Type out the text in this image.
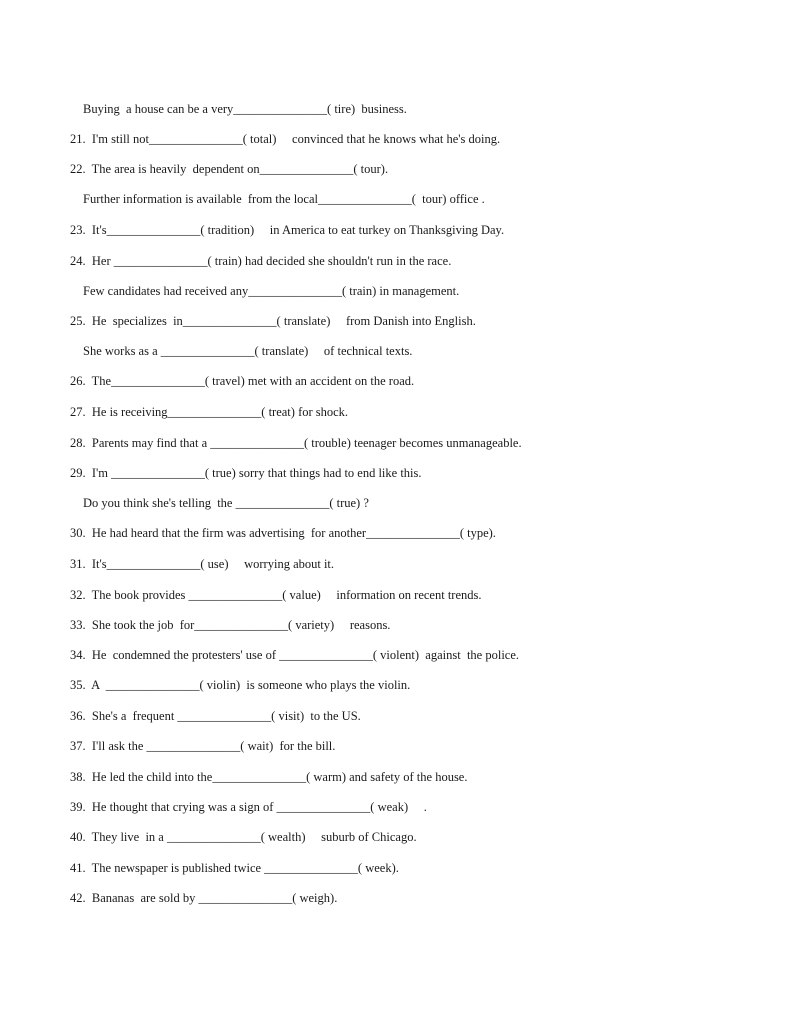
Buying  a house can be a very_______________( tire)  business.
21.  I'm still not_______________( total)     convinced that he knows what he's doing.
22.  The area is heavily  dependent on_______________( tour).
Further information is available  from the local_______________(  tour) office .
23.  It's_______________( tradition)     in America to eat turkey on Thanksgiving Day.
24.  Her _______________( train) had decided she shouldn't run in the race.
Few candidates had received any_______________( train) in management.
25.  He  specializes  in_______________( translate)     from Danish into English.
She works as a _______________( translate)     of technical texts.
26.  The_______________( travel) met with an accident on the road.
27.  He is receiving_______________( treat) for shock.
28.  Parents may find that a _______________( trouble) teenager becomes unmanageable.
29.  I'm _______________( true) sorry that things had to end like this.
Do you think she's telling  the _______________( true) ?
30.  He had heard that the firm was advertising  for another_______________( type).
31.  It's_______________( use)     worrying about it.
32.  The book provides _______________( value)     information on recent trends.
33.  She took the job  for_______________( variety)     reasons.
34.  He  condemned the protesters' use of _______________( violent)  against  the police.
35.  A  _______________( violin)  is someone who plays the violin.
36.  She's a  frequent _______________( visit)  to the US.
37.  I'll ask the _______________( wait)  for the bill.
38.  He led the child into the_______________( warm) and safety of the house.
39.  He thought that crying was a sign of _______________( weak)     .
40.  They live  in a _______________( wealth)     suburb of Chicago.
41.  The newspaper is published twice _______________( week).
42.  Bananas  are sold by _______________( weigh).
